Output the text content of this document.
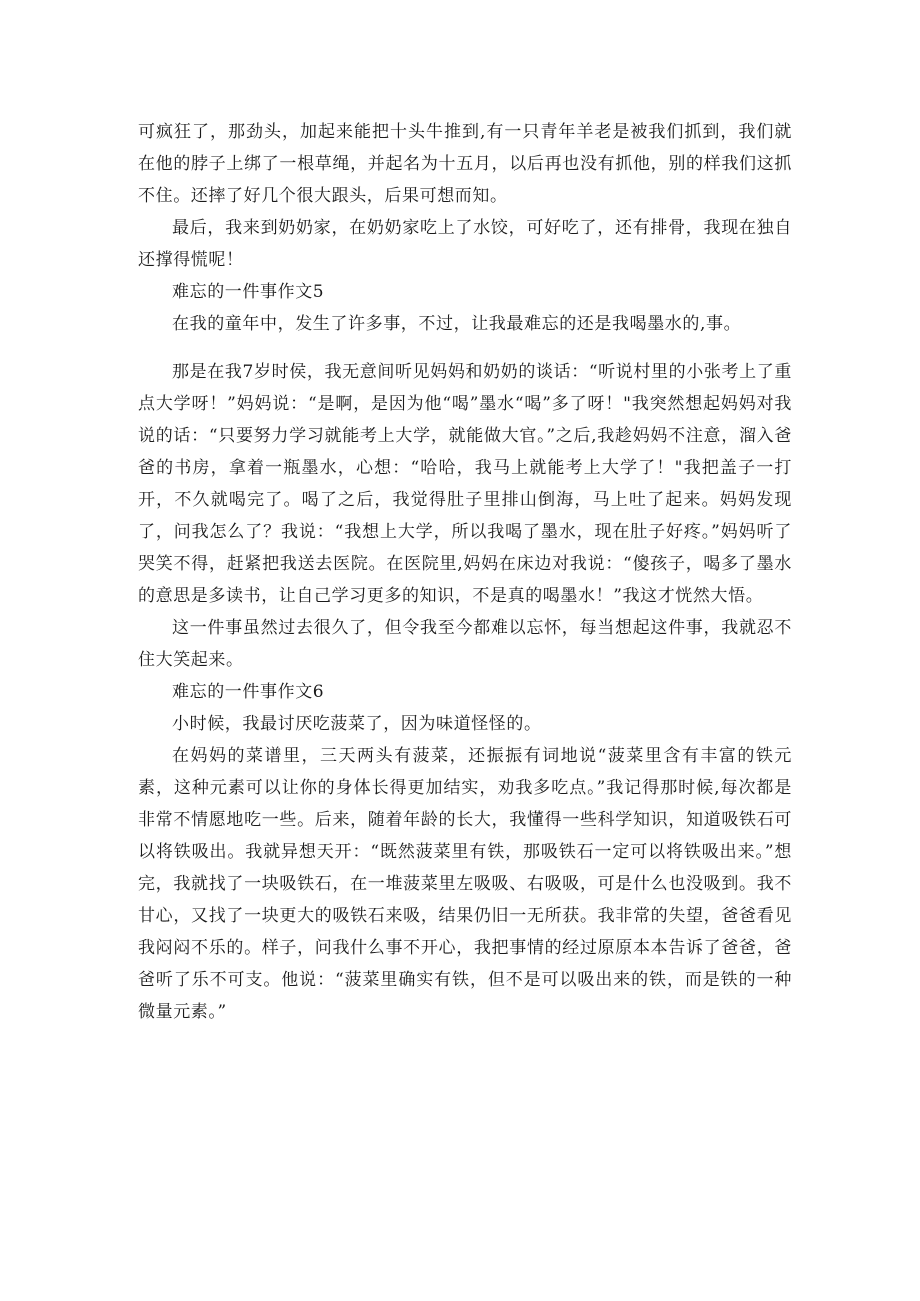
可疯狂了，那劲头，加起来能把十头牛推到,有一只青年羊老是被我们抓到，我们就在他的脖子上绑了一根草绳，并起名为十五月，以后再也没有抓他，别的样我们这抓不住。还摔了好几个很大跟头，后果可想而知。

最后，我来到奶奶家，在奶奶家吃上了水饺，可好吃了，还有排骨，我现在独自还撑得慌呢！

难忘的一件事作文5

在我的童年中，发生了许多事，不过，让我最难忘的还是我喝墨水的,事。

那是在我7岁时侯，我无意间听见妈妈和奶奶的谈话：“听说村里的小张考上了重点大学呀！”妈妈说：“是啊，是因为他“喝”墨水“喝”多了呀！"我突然想起妈妈对我说的话：“只要努力学习就能考上大学，就能做大官。”之后,我趁妈妈不注意，溜入爸爸的书房，拿着一瓶墨水，心想：“哈哈，我马上就能考上大学了！"我把盖子一打开，不久就喝完了。喝了之后，我觉得肚子里排山倒海，马上吐了起来。妈妈发现了，问我怎么了？我说：“我想上大学，所以我喝了墨水，现在肚子好疼。”妈妈听了哭笑不得，赶紧把我送去医院。在医院里,妈妈在床边对我说：“傻孩子，喝多了墨水的意思是多读书，让自己学习更多的知识，不是真的喝墨水！”我这才恍然大悟。

这一件事虽然过去很久了，但令我至今都难以忘怀，每当想起这件事，我就忍不住大笑起来。

难忘的一件事作文6

小时候，我最讨厌吃菠菜了，因为味道怪怪的。

在妈妈的菜谱里，三天两头有菠菜，还振振有词地说“菠菜里含有丰富的铁元素，这种元素可以让你的身体长得更加结实，劝我多吃点。”我记得那时候,每次都是非常不情愿地吃一些。后来，随着年龄的长大，我懂得一些科学知识，知道吸铁石可以将铁吸出。我就异想天开：“既然菠菜里有铁，那吸铁石一定可以将铁吸出来。”想完，我就找了一块吸铁石，在一堆菠菜里左吸吸、右吸吸，可是什么也没吸到。我不甘心，又找了一块更大的吸铁石来吸，结果仍旧一无所获。我非常的失望，爸爸看见我闷闷不乐的。样子，问我什么事不开心，我把事情的经过原原本本告诉了爸爸，爸爸听了乐不可支。他说：“菠菜里确实有铁，但不是可以吸出来的铁，而是铁的一种微量元素。”
